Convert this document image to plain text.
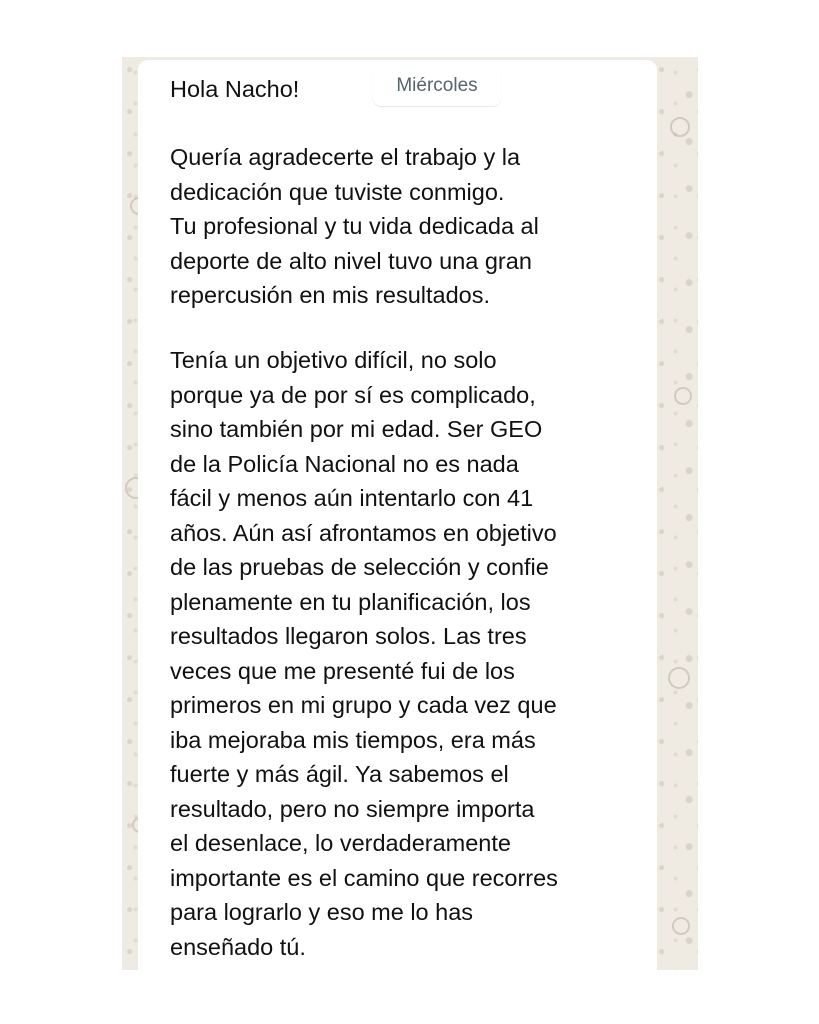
Hola Nacho!

Quería agradecerte el trabajo y la
dedicación que tuviste conmigo.
Tu profesional y tu vida dedicada al
deporte de alto nivel tuvo una gran
repercusión en mis resultados.

Tenía un objetivo difícil, no solo
porque ya de por sí es complicado,
sino también por mi edad. Ser GEO
de la Policía Nacional no es nada
fácil y menos aún intentarlo con 41
años. Aún así afrontamos en objetivo
de las pruebas de selección y confie
plenamente en tu planificación, los
resultados llegaron solos. Las tres
veces que me presenté fui de los
primeros en mi grupo y cada vez que
iba mejoraba mis tiempos, era más
fuerte y más ágil. Ya sabemos el
resultado, pero no siempre importa
el desenlace, lo verdaderamente
importante es el camino que recorres
para lograrlo y eso me lo has
enseñado tú.

Miércoles
